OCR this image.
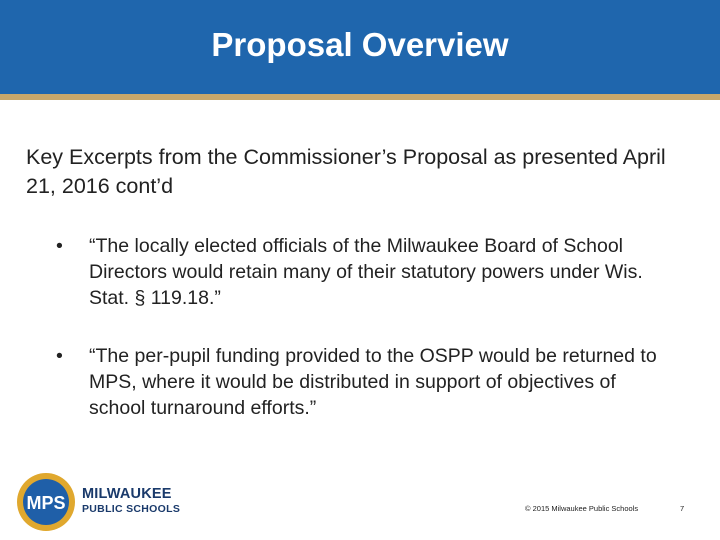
Proposal Overview

Key Excerpts from the Commissioner’s Proposal as presented April 21, 2016 cont’d

• “The locally elected officials of the Milwaukee Board of School Directors would retain many of their statutory powers under Wis. Stat. § 119.18.”
• “The per-pupil funding provided to the OSPP would be returned to MPS, where it would be distributed in support of objectives of school turnaround efforts.”
MPS MILWAUKEE
PUBLIC SCHOOLS	© 2015 Milwaukee Public Schools	7
